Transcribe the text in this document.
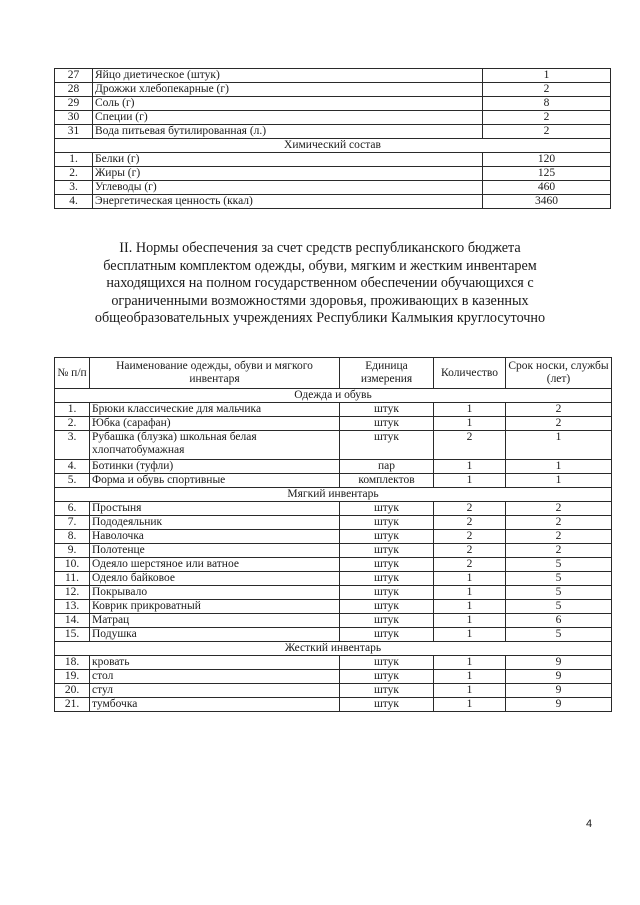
27	Яйцо диетическое (штук)	1
28	Дрожжи хлебопекарные (г)	2
29	Соль (г)	8
30	Специи (г)	2
31	Вода питьевая бутилированная (л.)	2
Химический состав		
1.	Белки (г)	120
2.	Жиры (г)	125
3.	Углеводы (г)	460
4.	Энергетическая ценность (ккал)	3460
II. Нормы обеспечения за счет средств республиканского бюджета
бесплатным комплектом одежды, обуви, мягким и жестким инвентарем
находящихся на полном государственном обеспечении обучающихся с
ограниченными возможностями здоровья, проживающих в казенных
общеобразовательных учреждениях Республики Калмыкия круглосуточно
№ п/п	Наименование одежды, обуви и мягкого инвентаря	Единица измерения	Количество	Срок носки, службы (лет)
Одежда и обувь				
1.	Брюки классические для мальчика	штук	1	2
2.	Юбка (сарафан)	штук	1	2
3.	Рубашка (блузка) школьная белая хлопчатобумажная	штук	2	1
4.	Ботинки (туфли)	пар	1	1
5.	Форма и обувь спортивные	комплектов	1	1
Мягкий инвентарь				
6.	Простыня	штук	2	2
7.	Пододеяльник	штук	2	2
8.	Наволочка	штук	2	2
9.	Полотенце	штук	2	2
10.	Одеяло шерстяное или ватное	штук	2	5
11.	Одеяло байковое	штук	1	5
12.	Покрывало	штук	1	5
13.	Коврик прикроватный	штук	1	5
14.	Матрац	штук	1	6
15.	Подушка	штук	1	5
Жесткий инвентарь				
18.	кровать	штук	1	9
19.	стол	штук	1	9
20.	стул	штук	1	9
21.	тумбочка	штук	1	9
4
